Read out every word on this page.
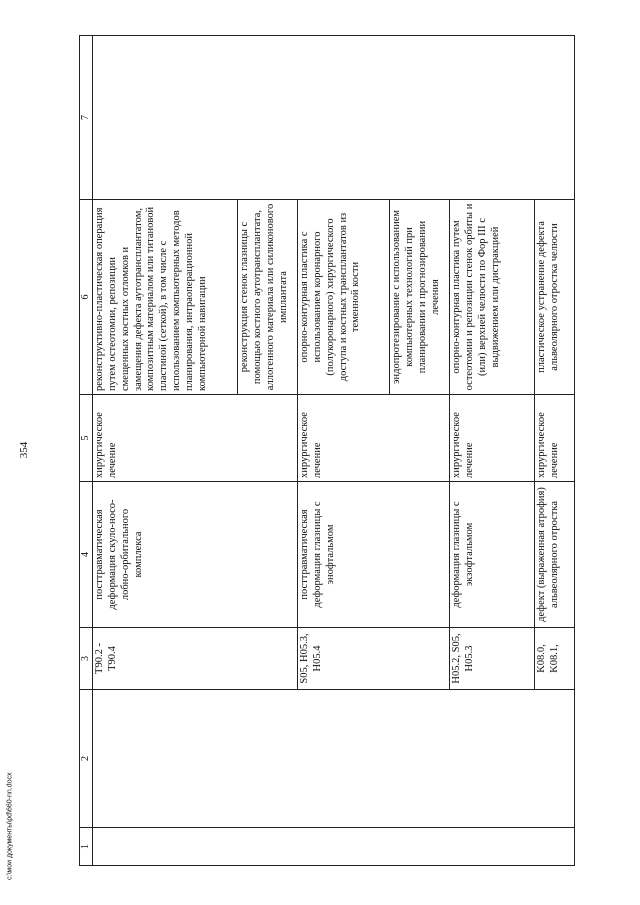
354
c:\мои документы\pd\660-nn.docx	1	2	3	4	5	6	7
		T90.2 - T90.4	посттравматическая деформация скуло-носо-лобно-орбитального комплекса	хирургическое лечение	реконструктивно-пластическая операция путем остеотомии, репозиции смещенных костных отломков и замещения дефекта аутотрансплантатом, композитным материалом или титановой пластиной (сеткой), в том числе с использованием компьютерных методов планирования, интраоперационной компьютерной навигации	
					реконструкция стенок глазницы с помощью костного аутотрансплантата, аллогенного материала или силиконового имплантата	
		S05, H05.3, H05.4	посттравматическая деформация глазницы с энофтальмом	хирургическое лечение	опорно-контурная пластика с использованием коронарного (полукоронарного) хирургического доступа и костных трансплантатов из теменной кости	
					эндопротезирование с использованием компьютерных технологий при планировании и прогнозировании лечения	
		H05.2, S05, H05.3	деформация глазницы с экзофтальмом	хирургическое лечение	опорно-контурная пластика путем остеотомии и репозиции стенок орбиты и (или) верхней челюсти по Фор III с выдвижением или дистракцией	
		K08.0, K08.1,	дефект (выраженная атрофия) альвеолярного отростка	хирургическое лечение	пластическое устранение дефекта альвеолярного отростка челюсти	
